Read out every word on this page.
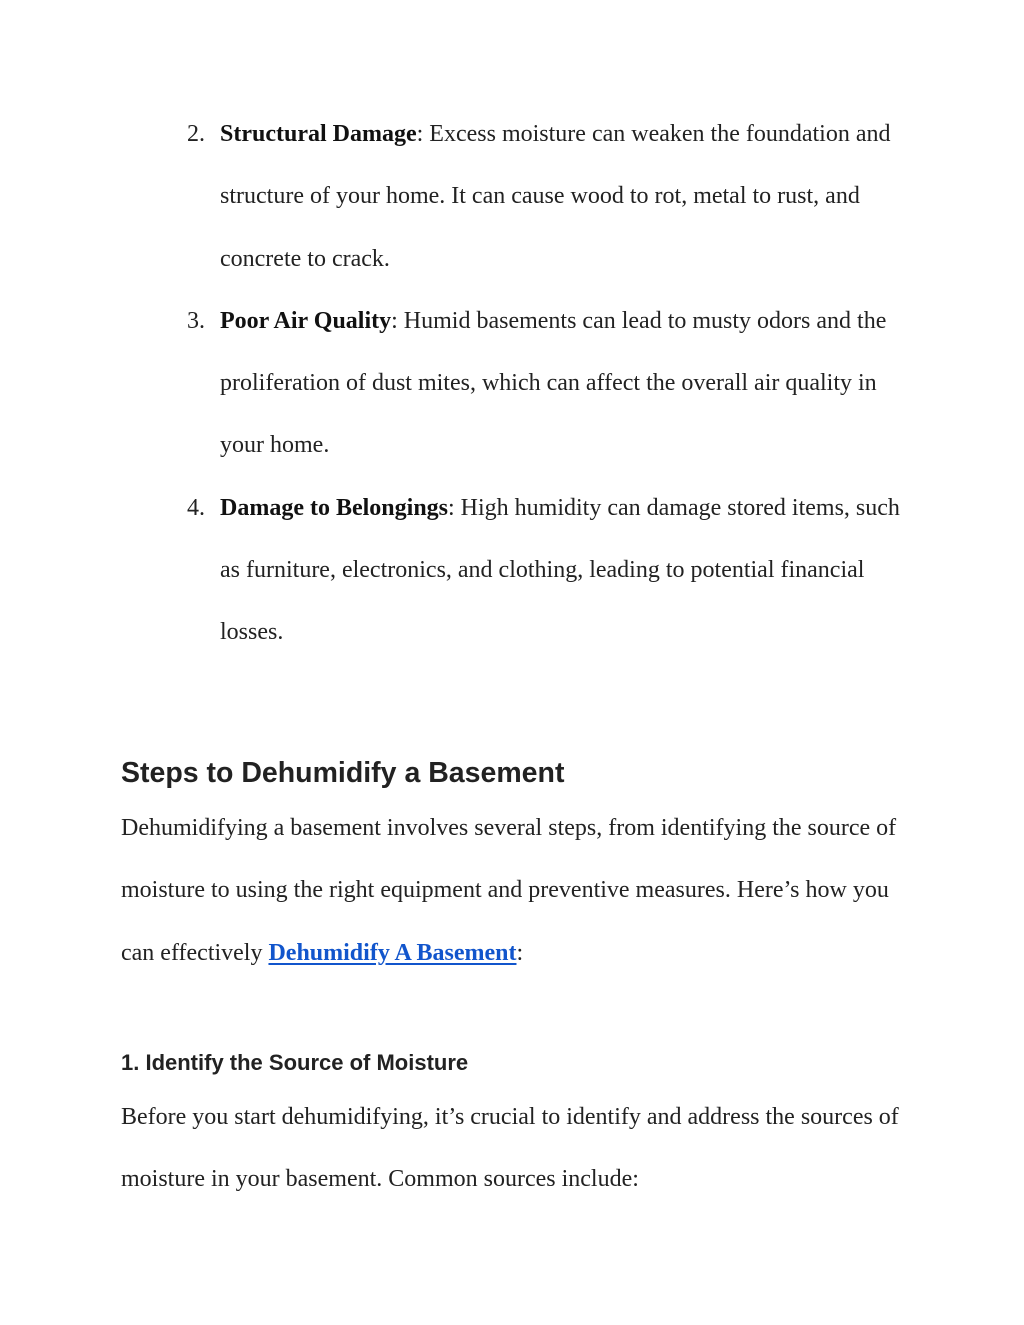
2. Structural Damage: Excess moisture can weaken the foundation and structure of your home. It can cause wood to rot, metal to rust, and concrete to crack.
3. Poor Air Quality: Humid basements can lead to musty odors and the proliferation of dust mites, which can affect the overall air quality in your home.
4. Damage to Belongings: High humidity can damage stored items, such as furniture, electronics, and clothing, leading to potential financial losses.
Steps to Dehumidify a Basement

Dehumidifying a basement involves several steps, from identifying the source of moisture to using the right equipment and preventive measures. Here’s how you can effectively Dehumidify A Basement:

1. Identify the Source of Moisture

Before you start dehumidifying, it’s crucial to identify and address the sources of moisture in your basement. Common sources include:
